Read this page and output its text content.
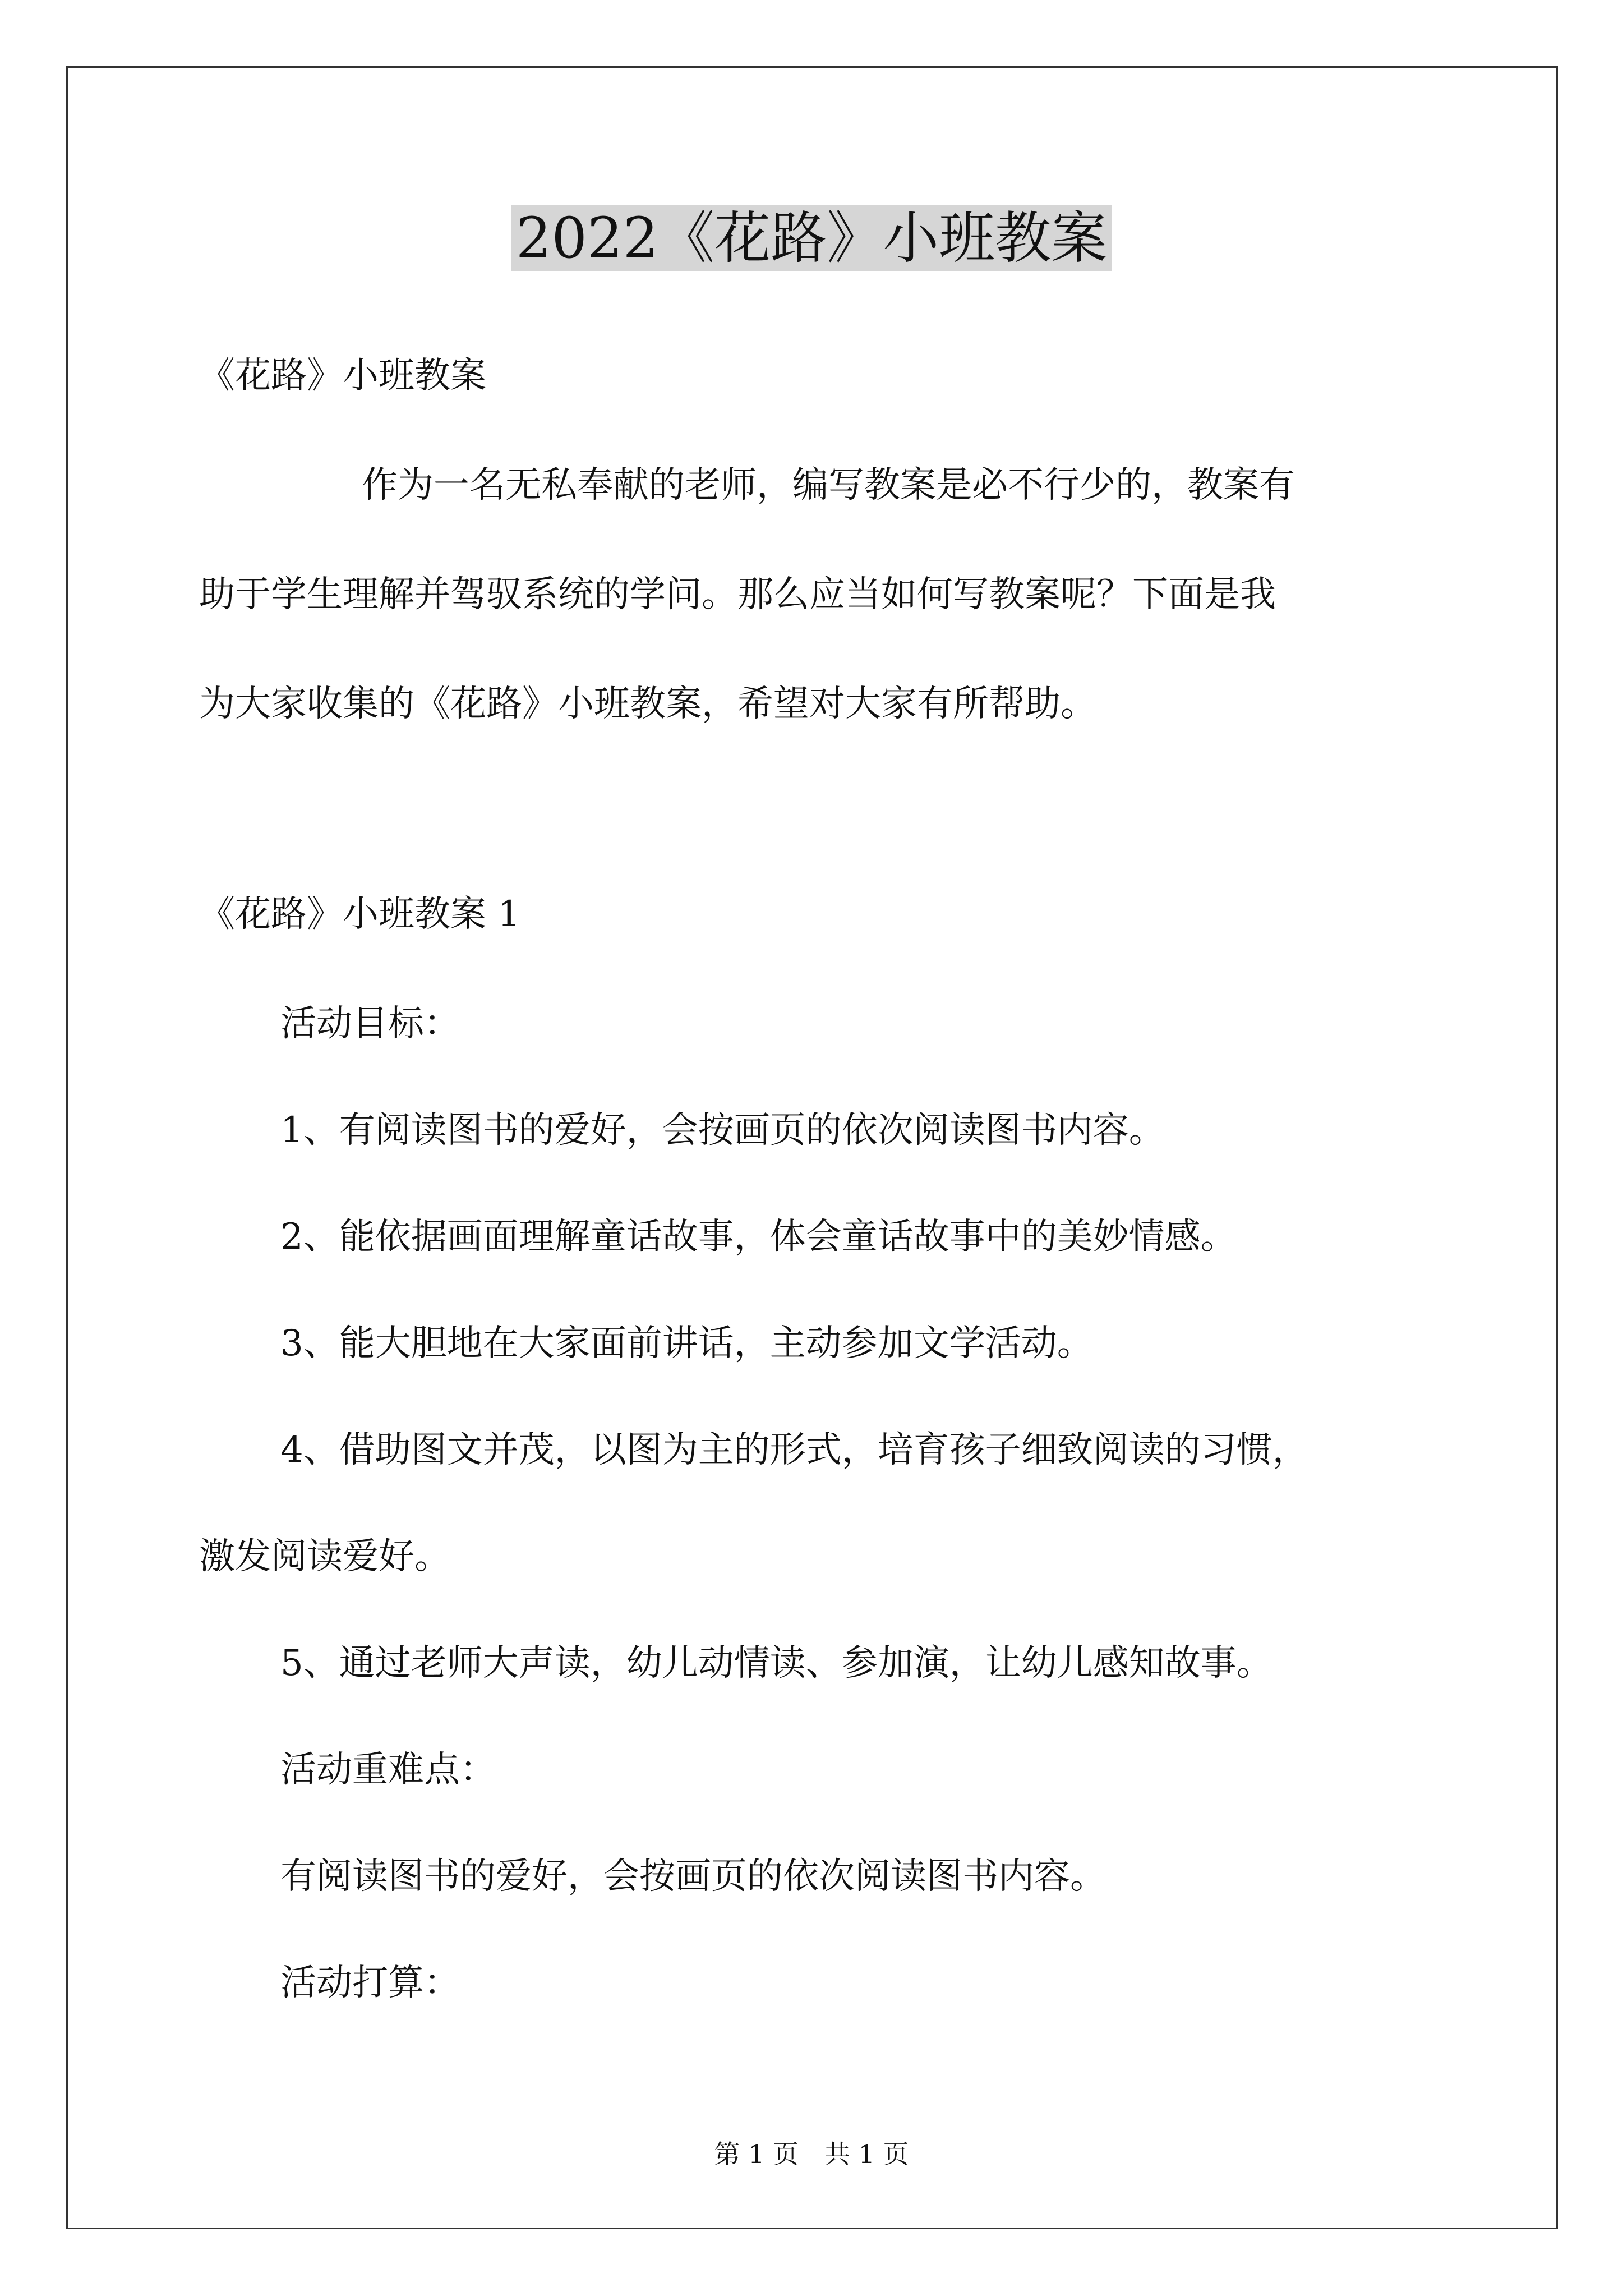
2022《花路》小班教案
《花路》小班教案
作为一名无私奉献的老师，编写教案是必不行少的，教案有
助于学生理解并驾驭系统的学问。那么应当如何写教案呢？下面是我
为大家收集的《花路》小班教案，希望对大家有所帮助。
《花路》小班教案 1
活动目标：
1、有阅读图书的爱好，会按画页的依次阅读图书内容。
2、能依据画面理解童话故事，体会童话故事中的美妙情感。
3、能大胆地在大家面前讲话，主动参加文学活动。
4、借助图文并茂，以图为主的形式，培育孩子细致阅读的习惯，
激发阅读爱好。
5、通过老师大声读，幼儿动情读、参加演，让幼儿感知故事。
活动重难点：
有阅读图书的爱好，会按画页的依次阅读图书内容。
活动打算：
第 1 页　共 1 页
